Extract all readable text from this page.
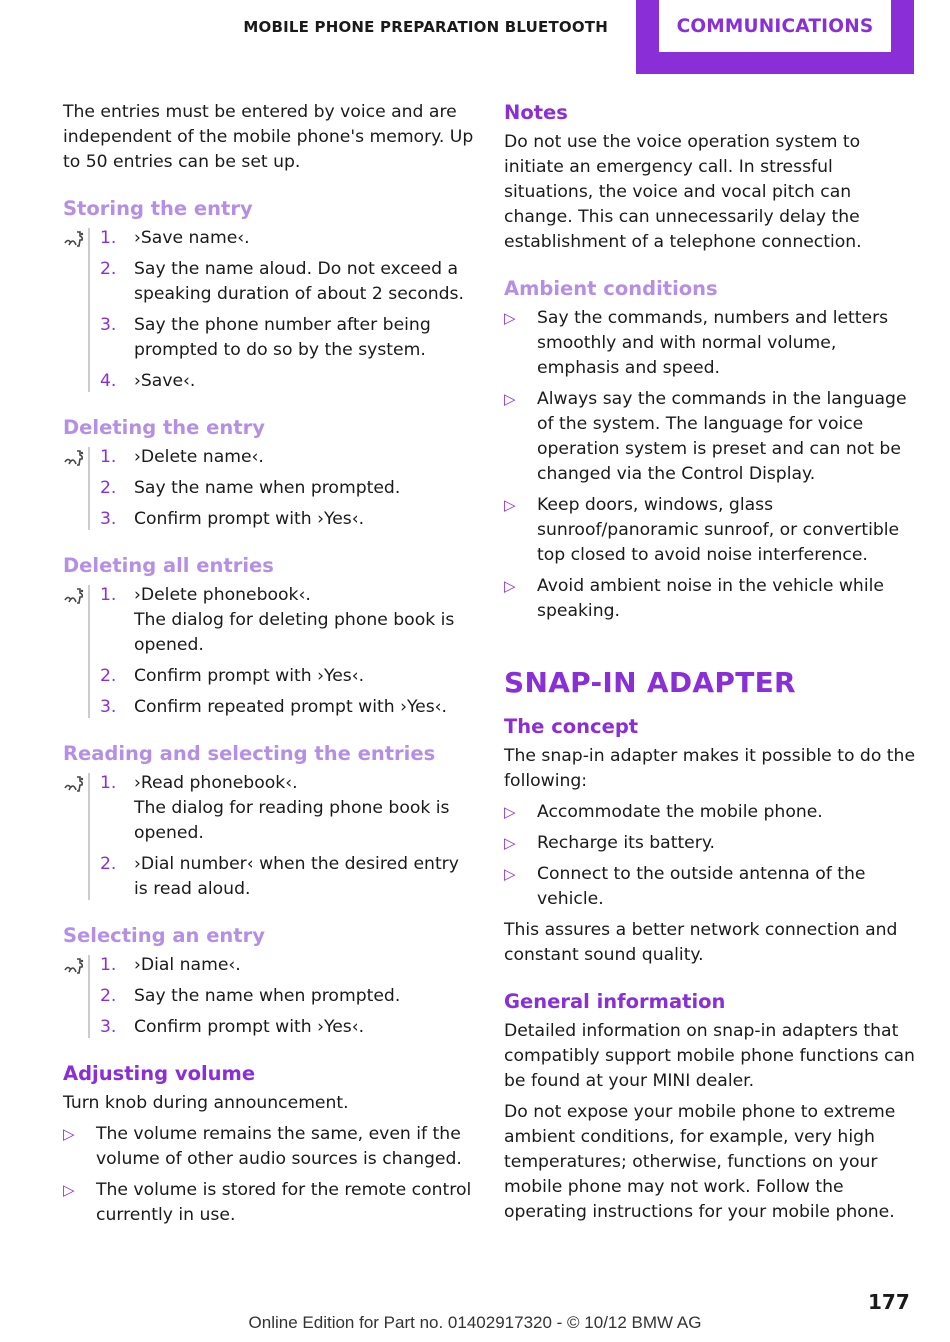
MOBILE PHONE PREPARATION BLUETOOTH	COMMUNICATIONS

The entries must be entered by voice and are independent of the mobile phone's memory. Up to 50 entries can be set up.

Storing the entry
1.	›Save name‹.
2.	Say the name aloud. Do not exceed a speaking duration of about 2 seconds.
3.	Say the phone number after being prompted to do so by the system.
4.	›Save‹.
Deleting the entry
1.	›Delete name‹.
2.	Say the name when prompted.
3.	Confirm prompt with ›Yes‹.
Deleting all entries
1.	›Delete phonebook‹.
The dialog for deleting phone book is opened.
2.	Confirm prompt with ›Yes‹.
3.	Confirm repeated prompt with ›Yes‹.
Reading and selecting the entries
1.	›Read phonebook‹.
The dialog for reading phone book is opened.
2.	›Dial number‹ when the desired entry is read aloud.
Selecting an entry
1.	›Dial name‹.
2.	Say the name when prompted.
3.	Confirm prompt with ›Yes‹.
Adjusting volume

Turn knob during announcement.

▷	The volume remains the same, even if the volume of other audio sources is changed.
▷	The volume is stored for the remote control currently in use.
Notes

Do not use the voice operation system to initiate an emergency call. In stressful situations, the voice and vocal pitch can change. This can unnecessarily delay the establishment of a telephone connection.

Ambient conditions
▷	Say the commands, numbers and letters smoothly and with normal volume, emphasis and speed.
▷	Always say the commands in the language of the system. The language for voice operation system is preset and can not be changed via the Control Display.
▷	Keep doors, windows, glass sunroof/panoramic sunroof, or convertible top closed to avoid noise interference.
▷	Avoid ambient noise in the vehicle while speaking.
SNAP-IN ADAPTER
The concept

The snap-in adapter makes it possible to do the following:

▷	Accommodate the mobile phone.
▷	Recharge its battery.
▷	Connect to the outside antenna of the vehicle.

This assures a better network connection and constant sound quality.

General information

Detailed information on snap-in adapters that compatibly support mobile phone functions can be found at your MINI dealer.

Do not expose your mobile phone to extreme ambient conditions, for example, very high temperatures; otherwise, functions on your mobile phone may not work. Follow the operating instructions for your mobile phone.

177
Online Edition for Part no. 01402917320 - © 10/12 BMW AG
